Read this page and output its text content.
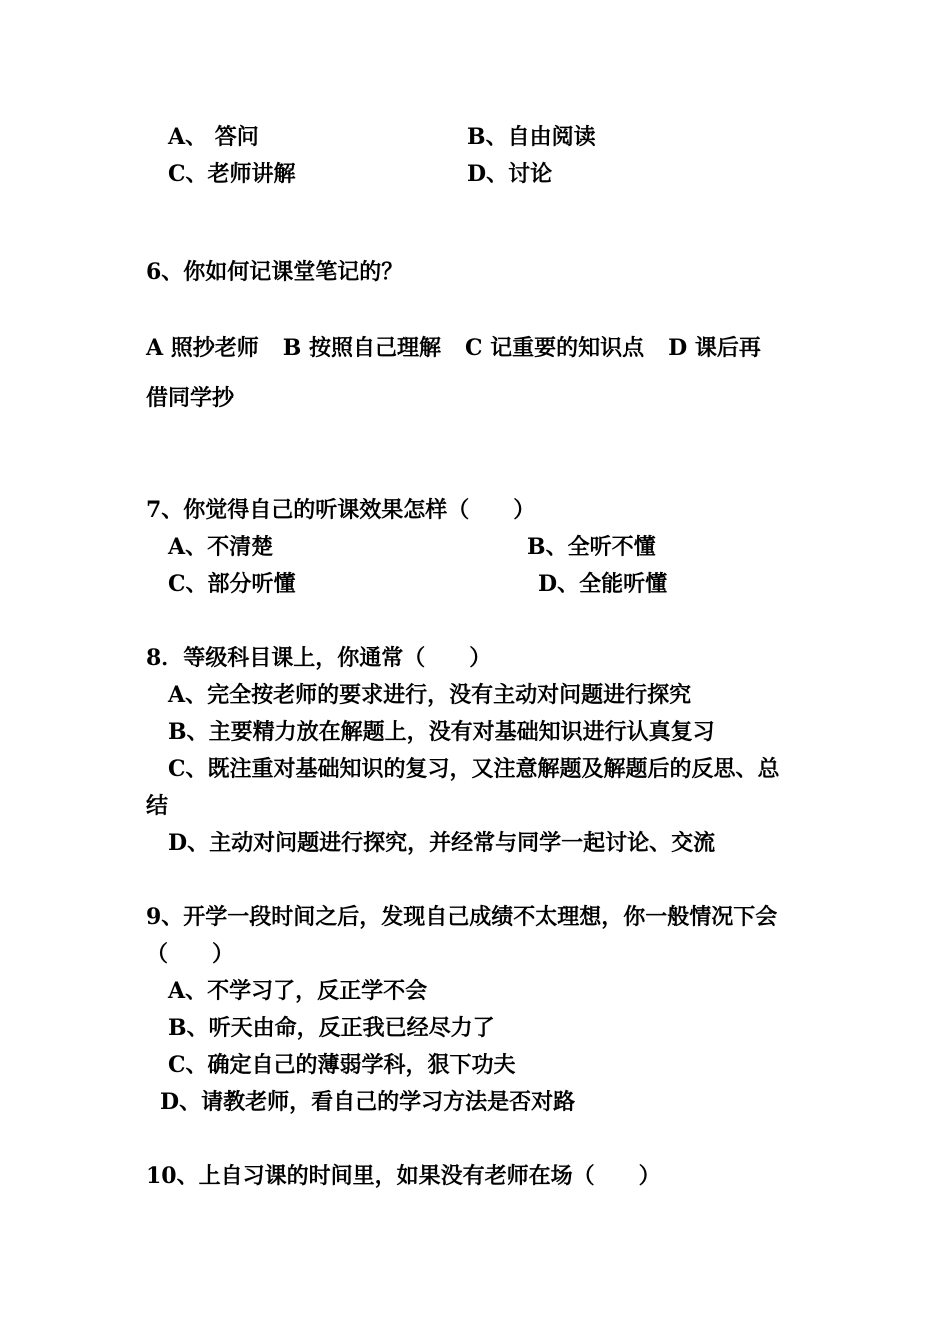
A、 答问	B、自由阅读
C、老师讲解	D、讨论
6、你如何记课堂笔记的？
A 照抄老师 B 按照自己理解 C 记重要的知识点 D 课后再
借同学抄
7、你觉得自己的听课效果怎样（　　）
A、不清楚	B、全听不懂
C、部分听懂	D、全能听懂
8．等级科目课上，你通常（　　）
A、完全按老师的要求进行，没有主动对问题进行探究
B、主要精力放在解题上，没有对基础知识进行认真复习
C、既注重对基础知识的复习，又注意解题及解题后的反思、总
结
D、主动对问题进行探究，并经常与同学一起讨论、交流
9、开学一段时间之后，发现自己成绩不太理想，你一般情况下会
（　　）
A、不学习了，反正学不会
B、听天由命，反正我已经尽力了
C、确定自己的薄弱学科，狠下功夫
D、请教老师，看自己的学习方法是否对路
10、上自习课的时间里，如果没有老师在场（　　）
